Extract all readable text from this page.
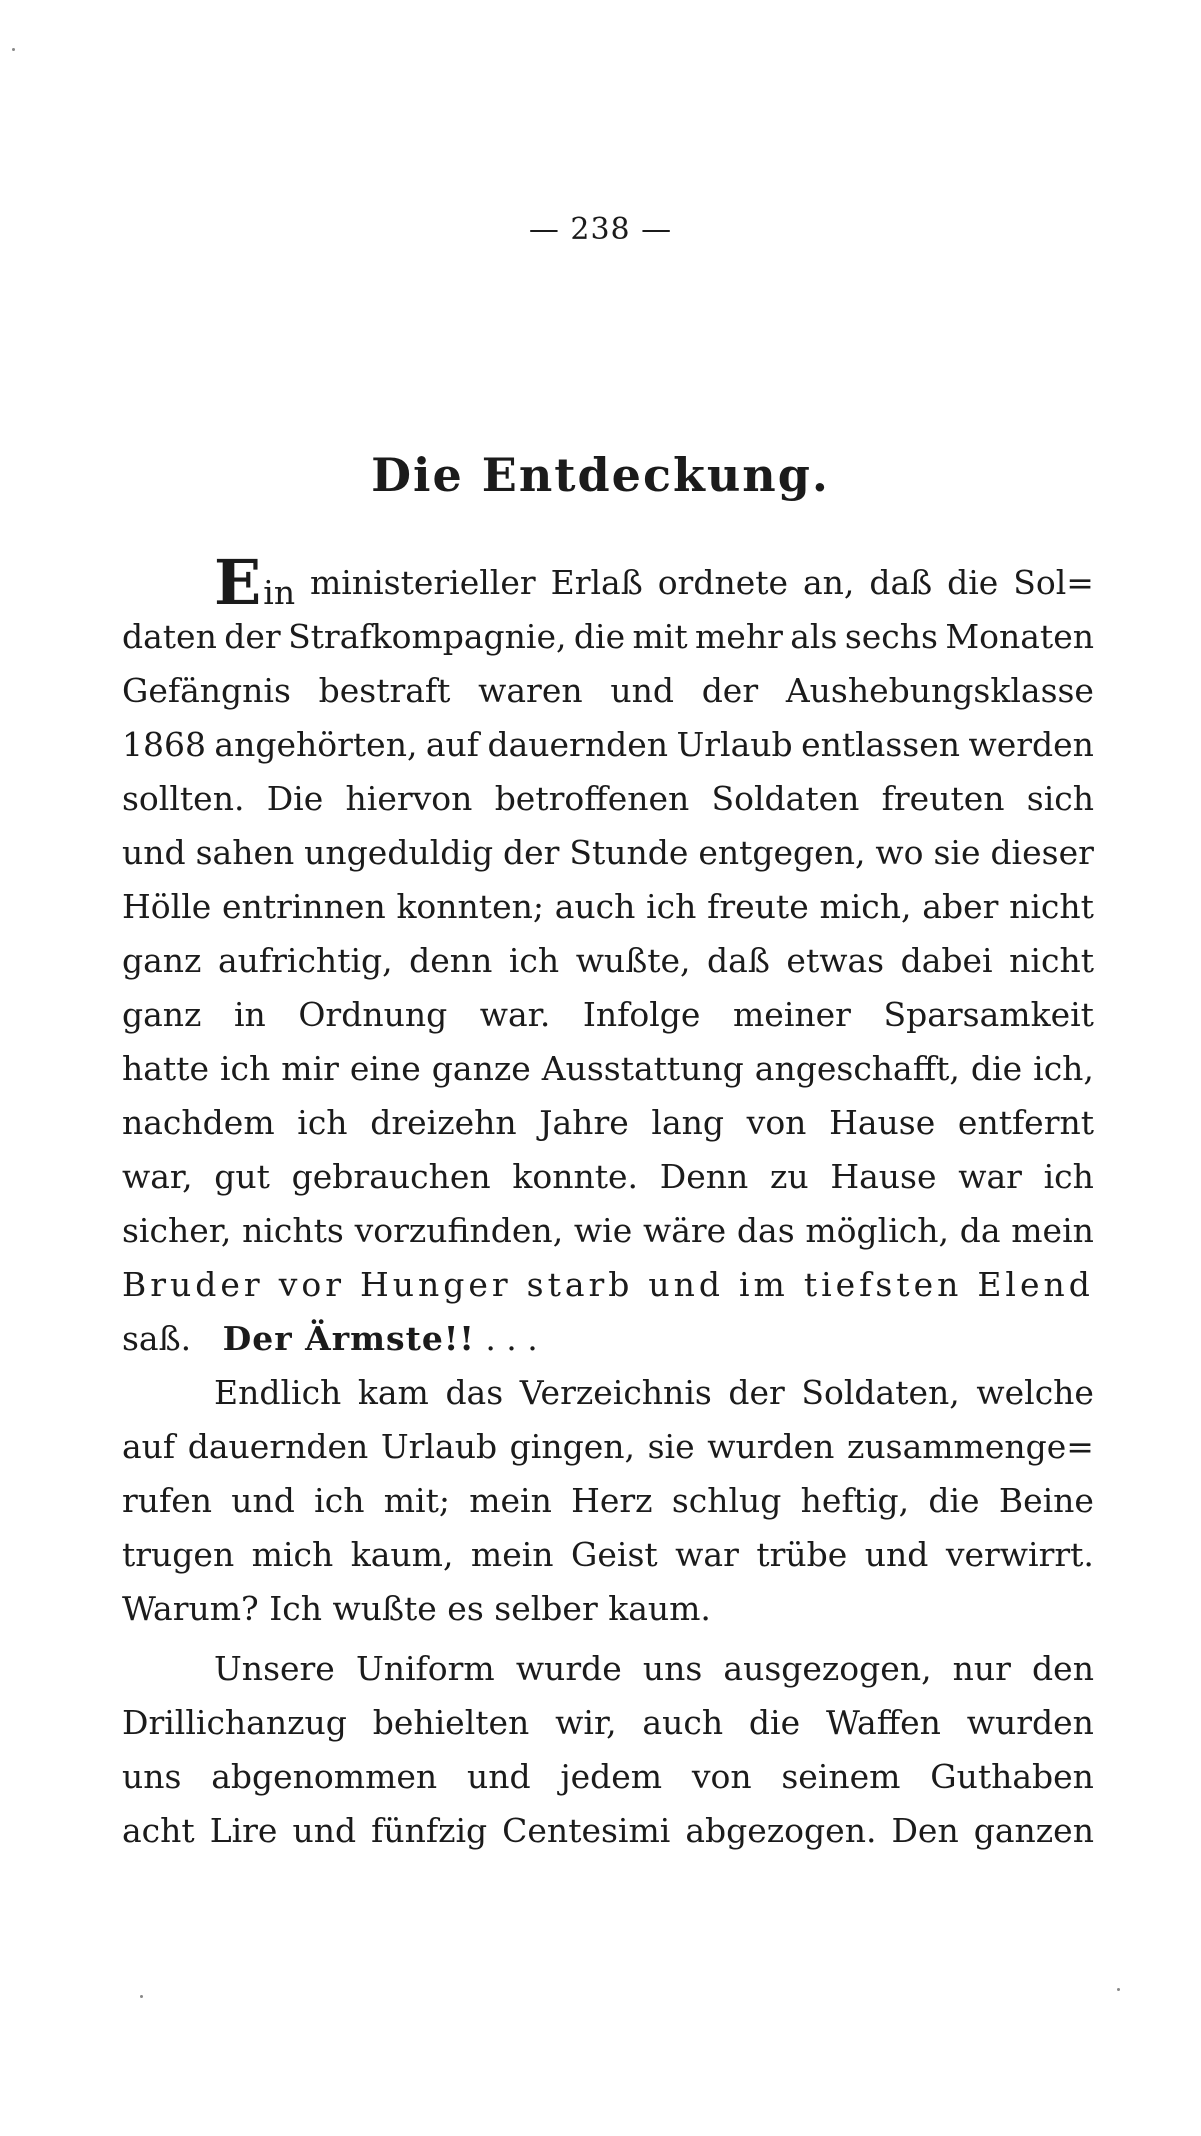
— 238 —
Die Entdeckung.
Ein ministerieller Erlaß ordnete an, daß die Sol=
daten der Strafkompagnie, die mit mehr als sechs Monaten
Gefängnis bestraft waren und der Aushebungsklasse
1868 angehörten, auf dauernden Urlaub entlassen werden
sollten. Die hiervon betroffenen Soldaten freuten sich
und sahen ungeduldig der Stunde entgegen, wo sie dieser
Hölle entrinnen konnten; auch ich freute mich, aber nicht
ganz aufrichtig, denn ich wußte, daß etwas dabei nicht
ganz in Ordnung war. Infolge meiner Sparsamkeit
hatte ich mir eine ganze Ausstattung angeschafft, die ich,
nachdem ich dreizehn Jahre lang von Hause entfernt
war, gut gebrauchen konnte. Denn zu Hause war ich
sicher, nichts vorzufinden, wie wäre das möglich, da mein
Bruder vor Hunger starb und im tiefsten Elend
saß.
Der Ärmste!!
. . .
Endlich kam das Verzeichnis der Soldaten, welche
auf dauernden Urlaub gingen, sie wurden zusammenge=
rufen und ich mit; mein Herz schlug heftig, die Beine
trugen mich kaum, mein Geist war trübe und verwirrt.
Warum? Ich wußte es selber kaum.
Unsere Uniform wurde uns ausgezogen, nur den
Drillichanzug behielten wir, auch die Waffen wurden
uns abgenommen und jedem von seinem Guthaben
acht Lire und fünfzig Centesimi abgezogen. Den ganzen
